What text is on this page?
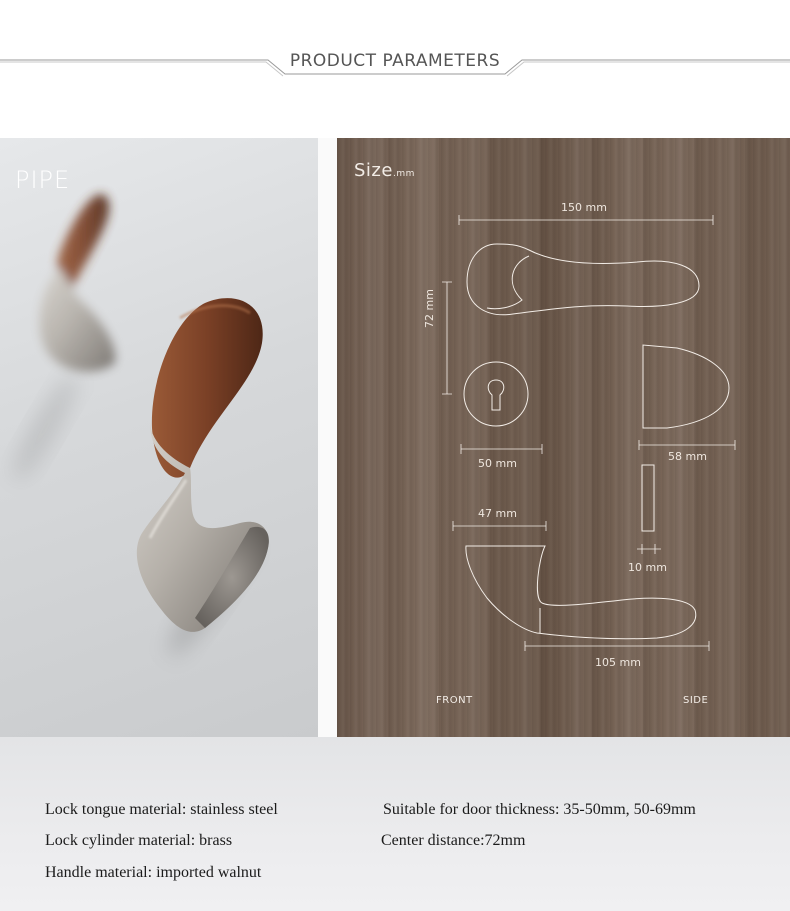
PRODUCT PARAMETERS
PIPE	Size.mm
150 mm
72 mm
50 mm
58 mm
47 mm
10 mm
105 mm
FRONT	SIDE
Lock tongue material: stainless steel
Lock cylinder material: brass
Handle material: imported walnut
Suitable for door thickness: 35-50mm, 50-69mm
Center distance:72mm
